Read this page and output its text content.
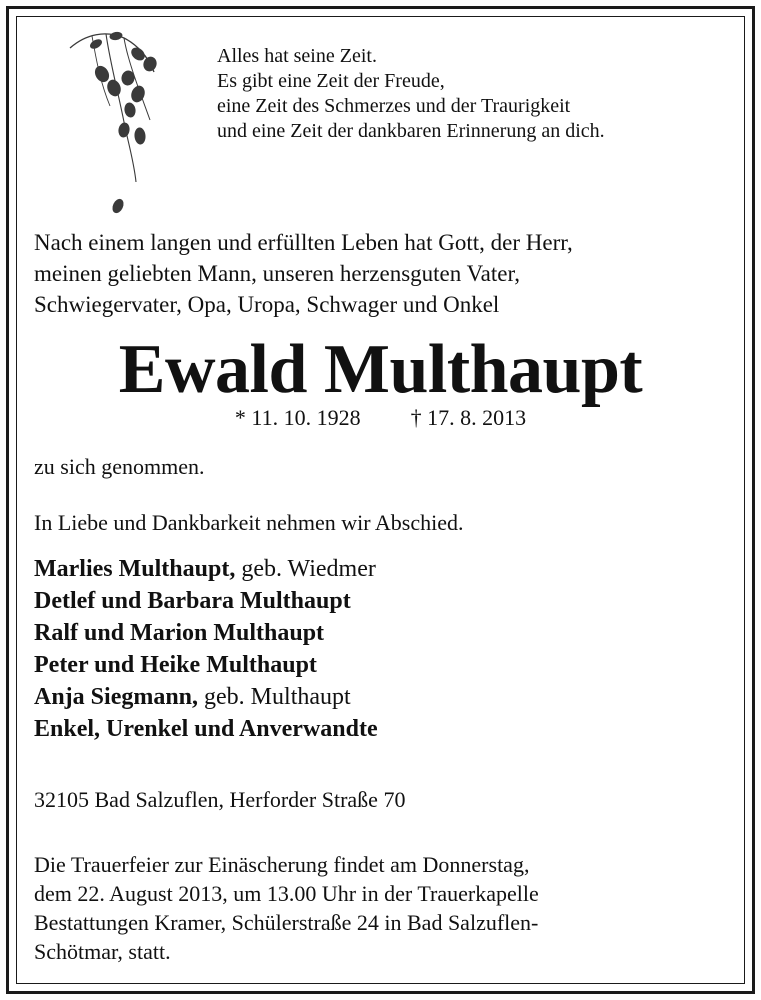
Alles hat seine Zeit.
Es gibt eine Zeit der Freude,
eine Zeit des Schmerzes und der Traurigkeit
und eine Zeit der dankbaren Erinnerung an dich.
Nach einem langen und erfüllten Leben hat Gott, der Herr,
meinen geliebten Mann, unseren herzensguten Vater,
Schwiegervater, Opa, Uropa, Schwager und Onkel
Ewald Multhaupt
* 11. 10. 1928 † 17. 8. 2013
zu sich genommen.
In Liebe und Dankbarkeit nehmen wir Abschied.
Marlies Multhaupt, geb. Wiedmer
Detlef und Barbara Multhaupt
Ralf und Marion Multhaupt
Peter und Heike Multhaupt
Anja Siegmann, geb. Multhaupt
Enkel, Urenkel und Anverwandte
32105 Bad Salzuflen, Herforder Straße 70
Die Trauerfeier zur Einäscherung findet am Donnerstag,
dem 22. August 2013, um 13.00 Uhr in der Trauerkapelle
Bestattungen Kramer, Schülerstraße 24 in Bad Salzuflen-
Schötmar, statt.
